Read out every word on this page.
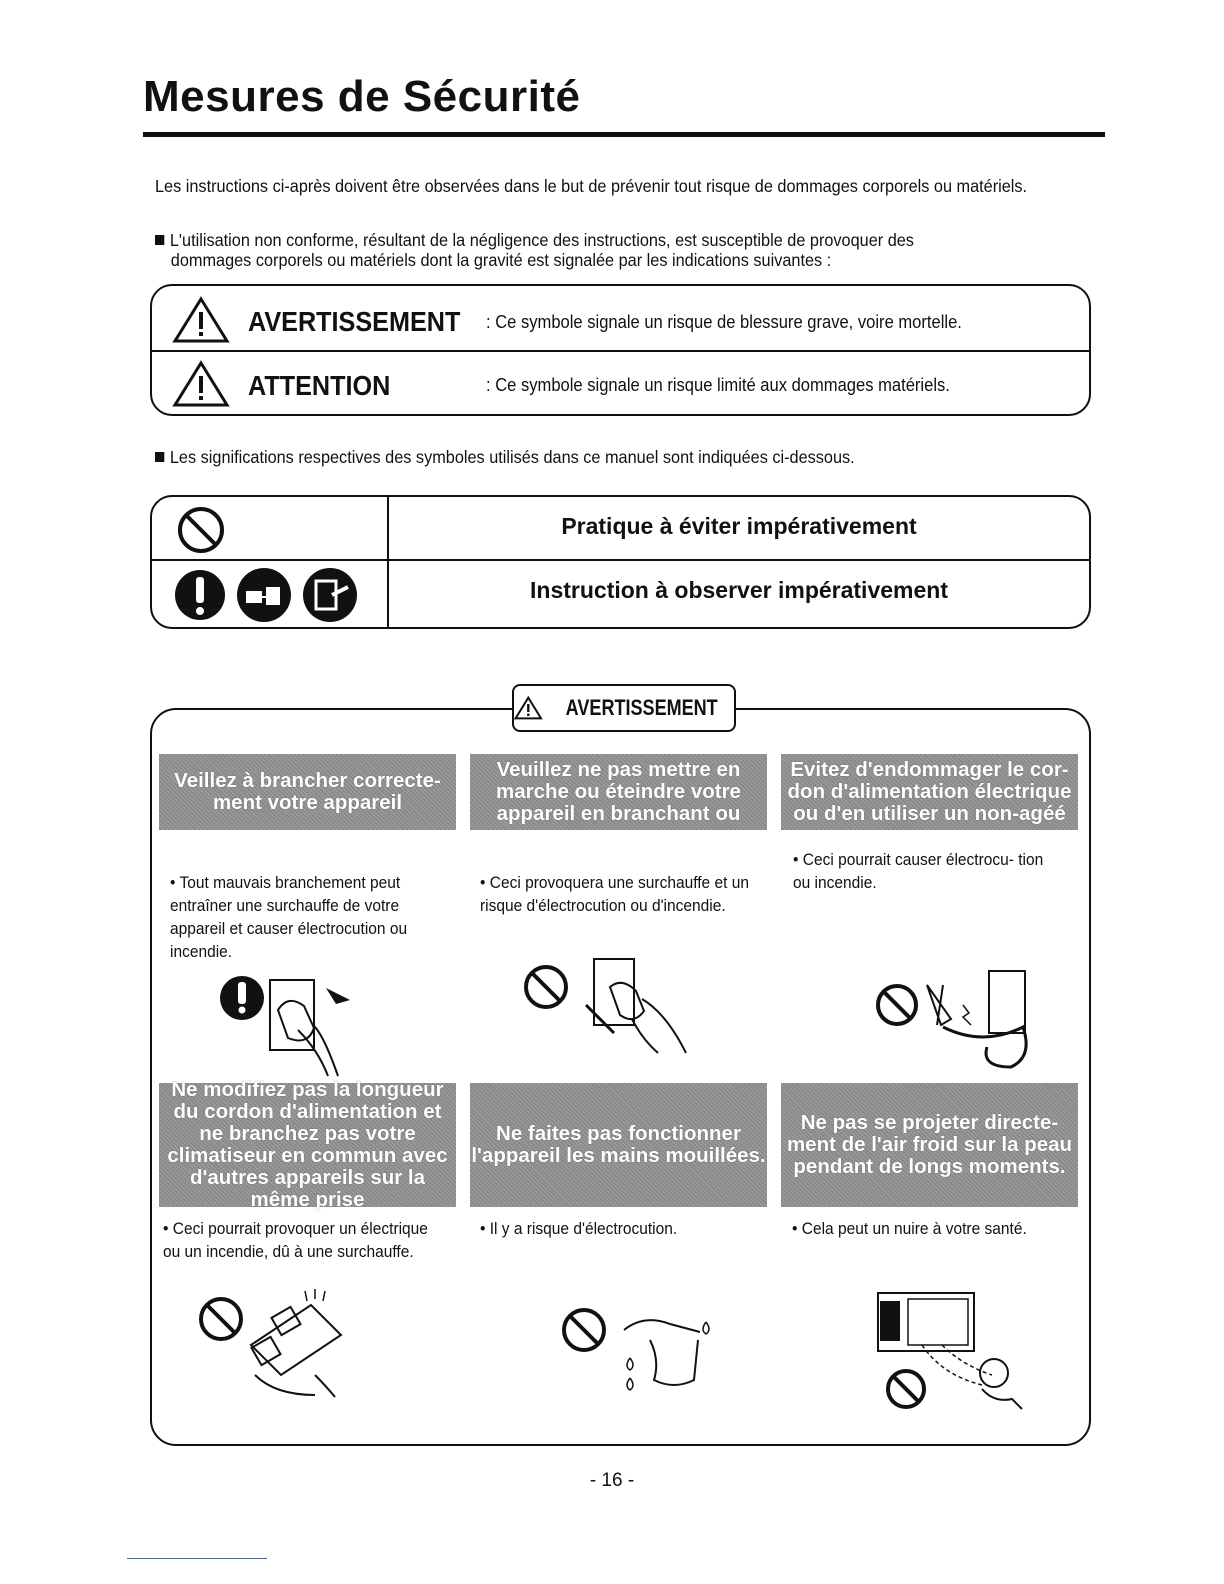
Mesures de Sécurité
Les instructions ci-après doivent être observées dans le but de prévenir tout risque de dommages corporels ou matériels.
L'utilisation non conforme, résultant de la négligence des instructions, est susceptible de provoquer des
dommages corporels ou matériels dont la gravité est signalée par les indications suivantes :
AVERTISSEMENT : Ce symbole signale un risque de blessure grave, voire mortelle.
ATTENTION	: Ce symbole signale un risque limité aux dommages matériels.
Les significations respectives des symboles utilisés dans ce manuel sont indiquées ci-dessous.
Pratique à éviter impérativement
Instruction à observer impérativement
AVERTISSEMENT
Veillez à brancher correcte- ment votre appareil
Veuillez ne pas mettre en marche ou éteindre votre appareil en branchant ou
Evitez d'endommager le cor- don d'alimentation électrique ou d'en utiliser un non-agéé
• Tout mauvais branchement peut entraîner une surchauffe de votre appareil et causer électrocution ou incendie.
• Ceci provoquera une surchauffe et un risque d'électrocution ou d'incendie.
• Ceci pourrait causer électrocu- tion ou incendie.
Ne modifiez pas la longueur du cordon d'alimentation et ne branchez pas votre climatiseur en commun avec d'autres appareils sur la même prise
Ne faites pas fonctionner l'appareil les mains mouillées.
Ne pas se projeter directe- ment de l'air froid sur la peau pendant de longs moments.
• Ceci pourrait provoquer un électrique ou un incendie, dû à une surchauffe.
• Il y a risque d'électrocution.	• Cela peut un nuire à votre santé.
- 16 -
